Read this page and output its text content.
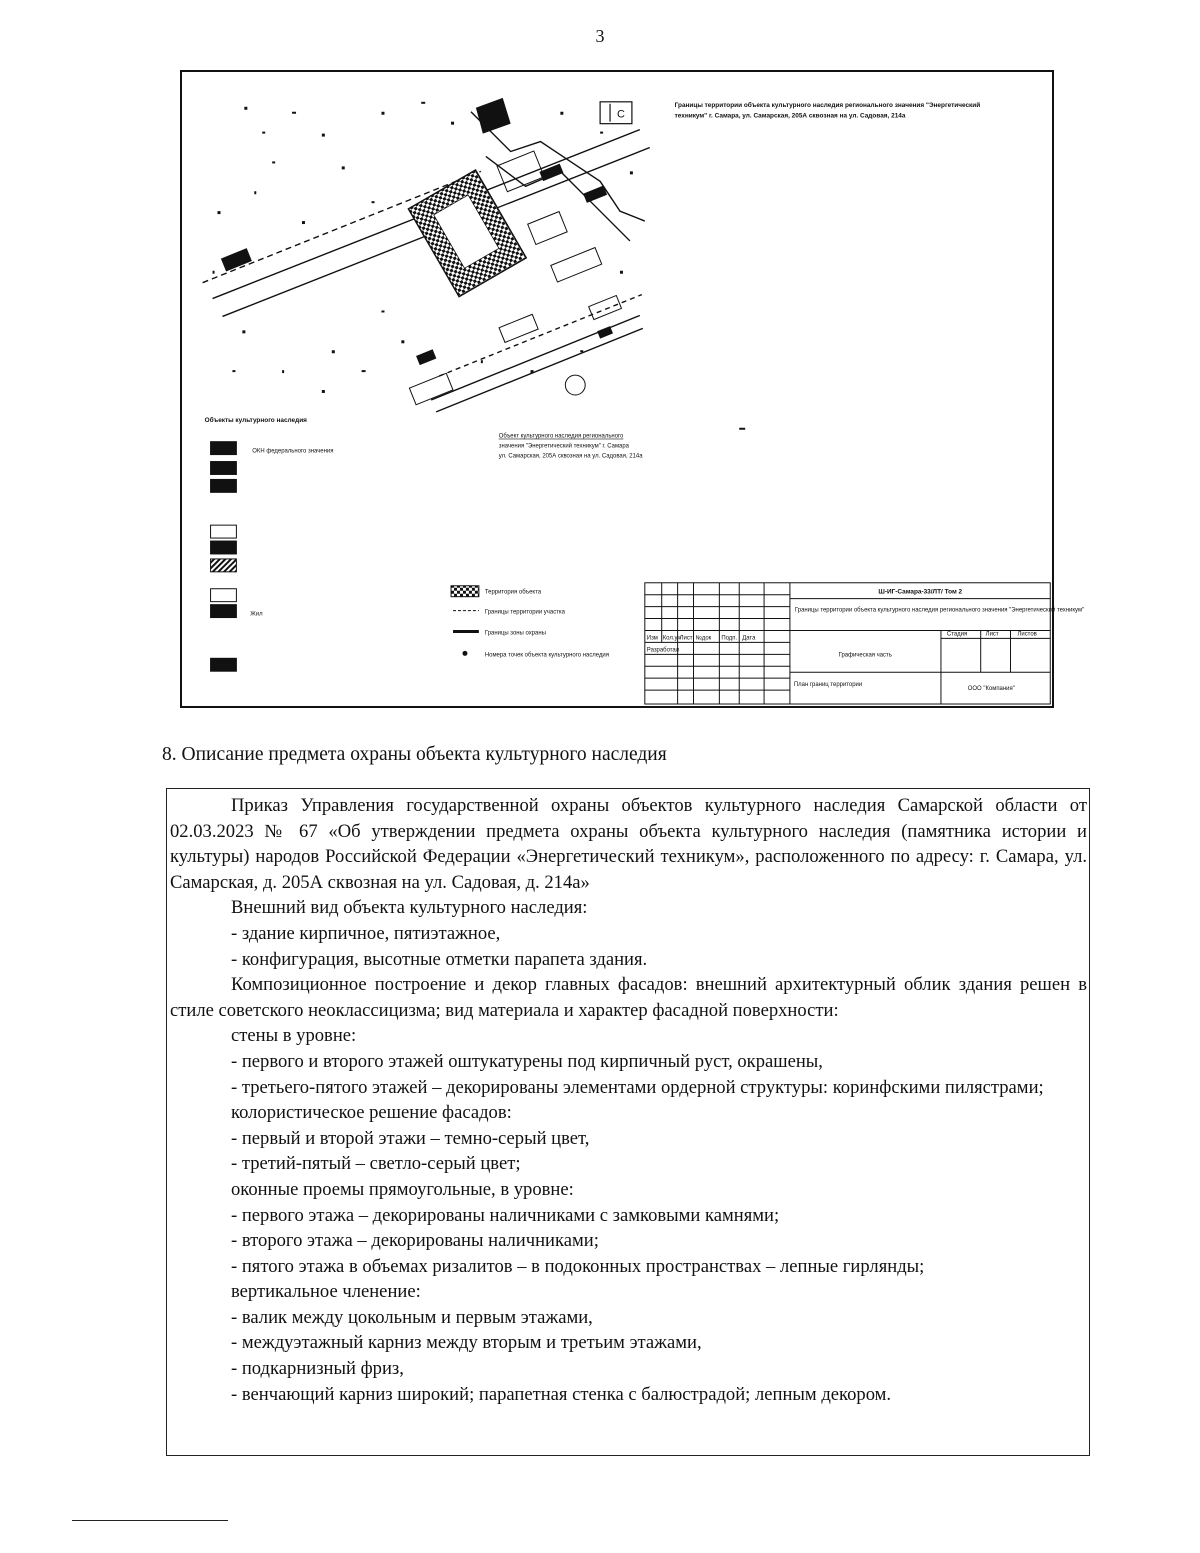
3
С
Границы территории объекта культурного наследия регионального значения "Энергетический
техникум" г. Самара, ул. Самарская, 205А сквозная на ул. Садовая, 214а
Объекты культурного наследия
ОКН федерального значения
Жил
Объект культурного наследия регионального
значения "Энергетический техникум" г. Самара
ул. Самарская, 205А сквозная на ул. Садовая, 214а
Территория объекта
Границы территории участка
Границы зоны охраны
Номера точек объекта культурного наследия
Ш-ИГ-Самара-33/ЛТ/ Том 2
Границы территории объекта культурного наследия регионального значения "Энергетический техникум"
Графическая часть
Стадия	Лист	Листов
План границ территории
ООО "Компания"
Изм Кол.уч Лист №док Подп. Дата
Разработал
8. Описание предмета охраны объекта культурного наследия

Приказ Управления государственной охраны объектов культурного наследия Самарской области от 02.03.2023 № 67 «Об утверждении предмета охраны объекта культурного наследия (памятника истории и культуры) народов Российской Федерации «Энергетический техникум», расположенного по адресу: г. Самара, ул. Самарская, д. 205А сквозная на ул. Садовая, д. 214а»

Внешний вид объекта культурного наследия:

- здание кирпичное, пятиэтажное,

- конфигурация, высотные отметки парапета здания.

Композиционное построение и декор главных фасадов: внешний архитектурный облик здания решен в стиле советского неоклассицизма; вид материала и характер фасадной поверхности:

стены в уровне:

- первого и второго этажей оштукатурены под кирпичный руст, окрашены,

- третьего-пятого этажей – декорированы элементами ордерной структуры: коринфскими пилястрами;

колористическое решение фасадов:

- первый и второй этажи – темно-серый цвет,

- третий-пятый – светло-серый цвет;

оконные проемы прямоугольные, в уровне:

- первого этажа – декорированы наличниками с замковыми камнями;

- второго этажа – декорированы наличниками;

- пятого этажа в объемах ризалитов – в подоконных пространствах – лепные гирлянды;

вертикальное членение:

- валик между цокольным и первым этажами,

- междуэтажный карниз между вторым и третьим этажами,

- подкарнизный фриз,

- венчающий карниз широкий; парапетная стенка с балюстрадой; лепным декором.
